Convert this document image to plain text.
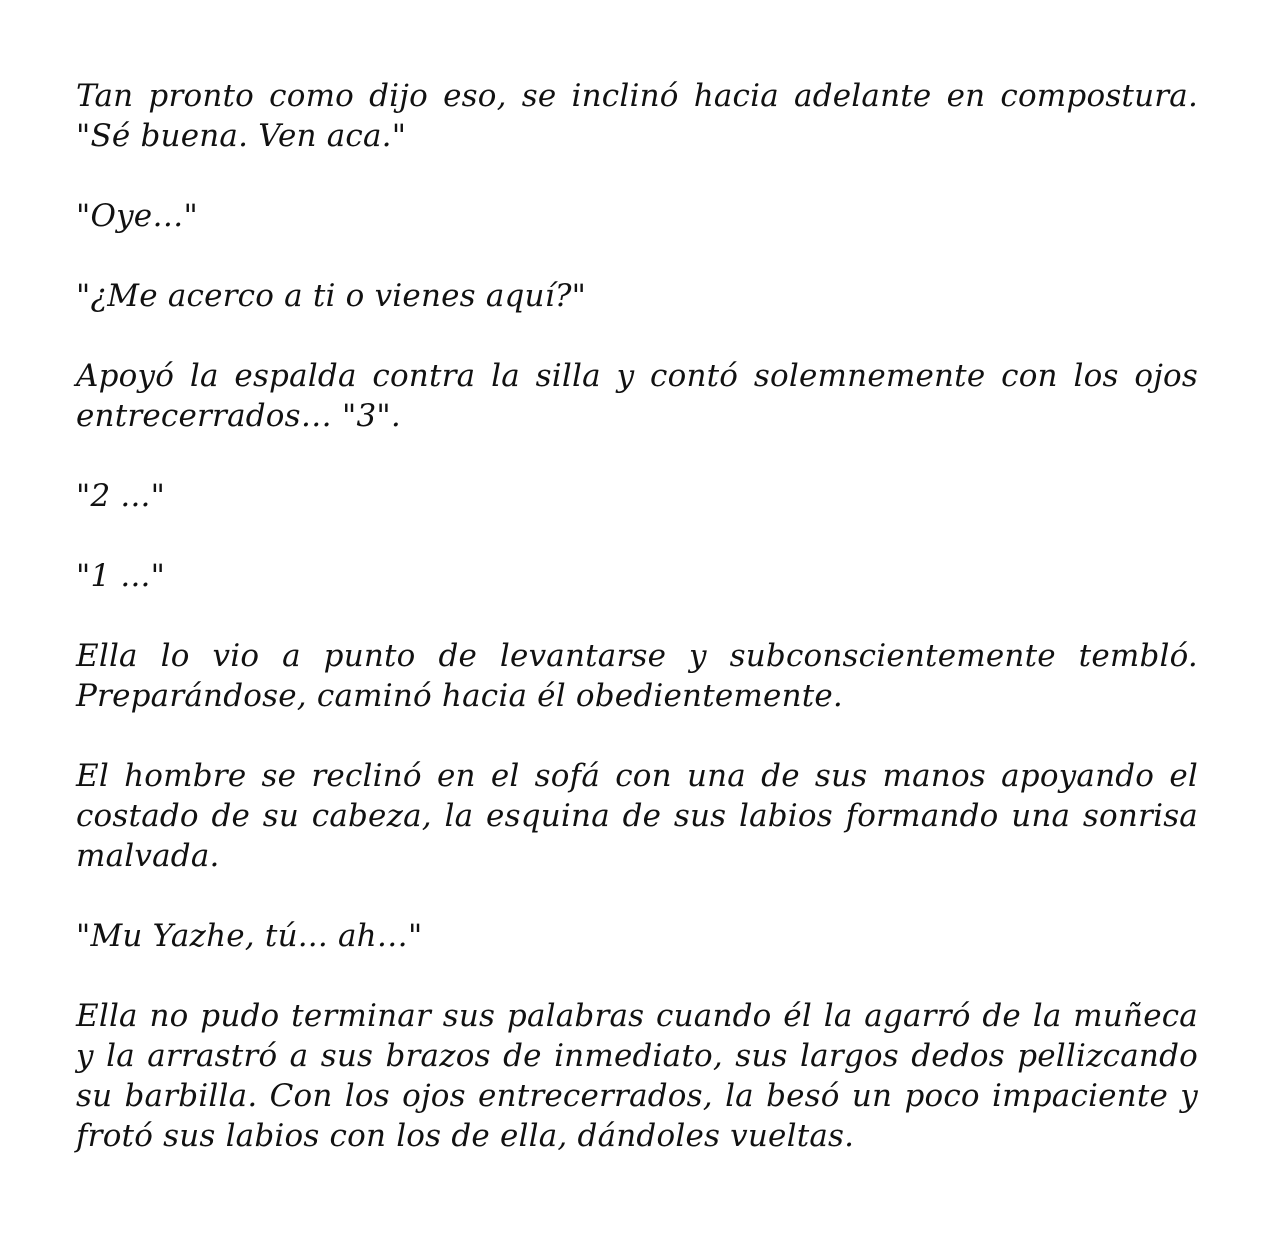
Tan pronto como dijo eso, se inclinó hacia adelante en compostura. "Sé buena. Ven aca."

"Oye…"

"¿Me acerco a ti o vienes aquí?"

Apoyó la espalda contra la silla y contó solemnemente con los ojos entrecerrados… "3".

"2 ..."

"1 ..."

Ella lo vio a punto de levantarse y subconscientemente tembló. Preparándose, caminó hacia él obedientemente.

El hombre se reclinó en el sofá con una de sus manos apoyando el costado de su cabeza, la esquina de sus labios formando una sonrisa malvada.

"Mu Yazhe, tú... ah…"

Ella no pudo terminar sus palabras cuando él la agarró de la muñeca y la arrastró a sus brazos de inmediato, sus largos dedos pellizcando su barbilla. Con los ojos entrecerrados, la besó un poco impaciente y frotó sus labios con los de ella, dándoles vueltas.
